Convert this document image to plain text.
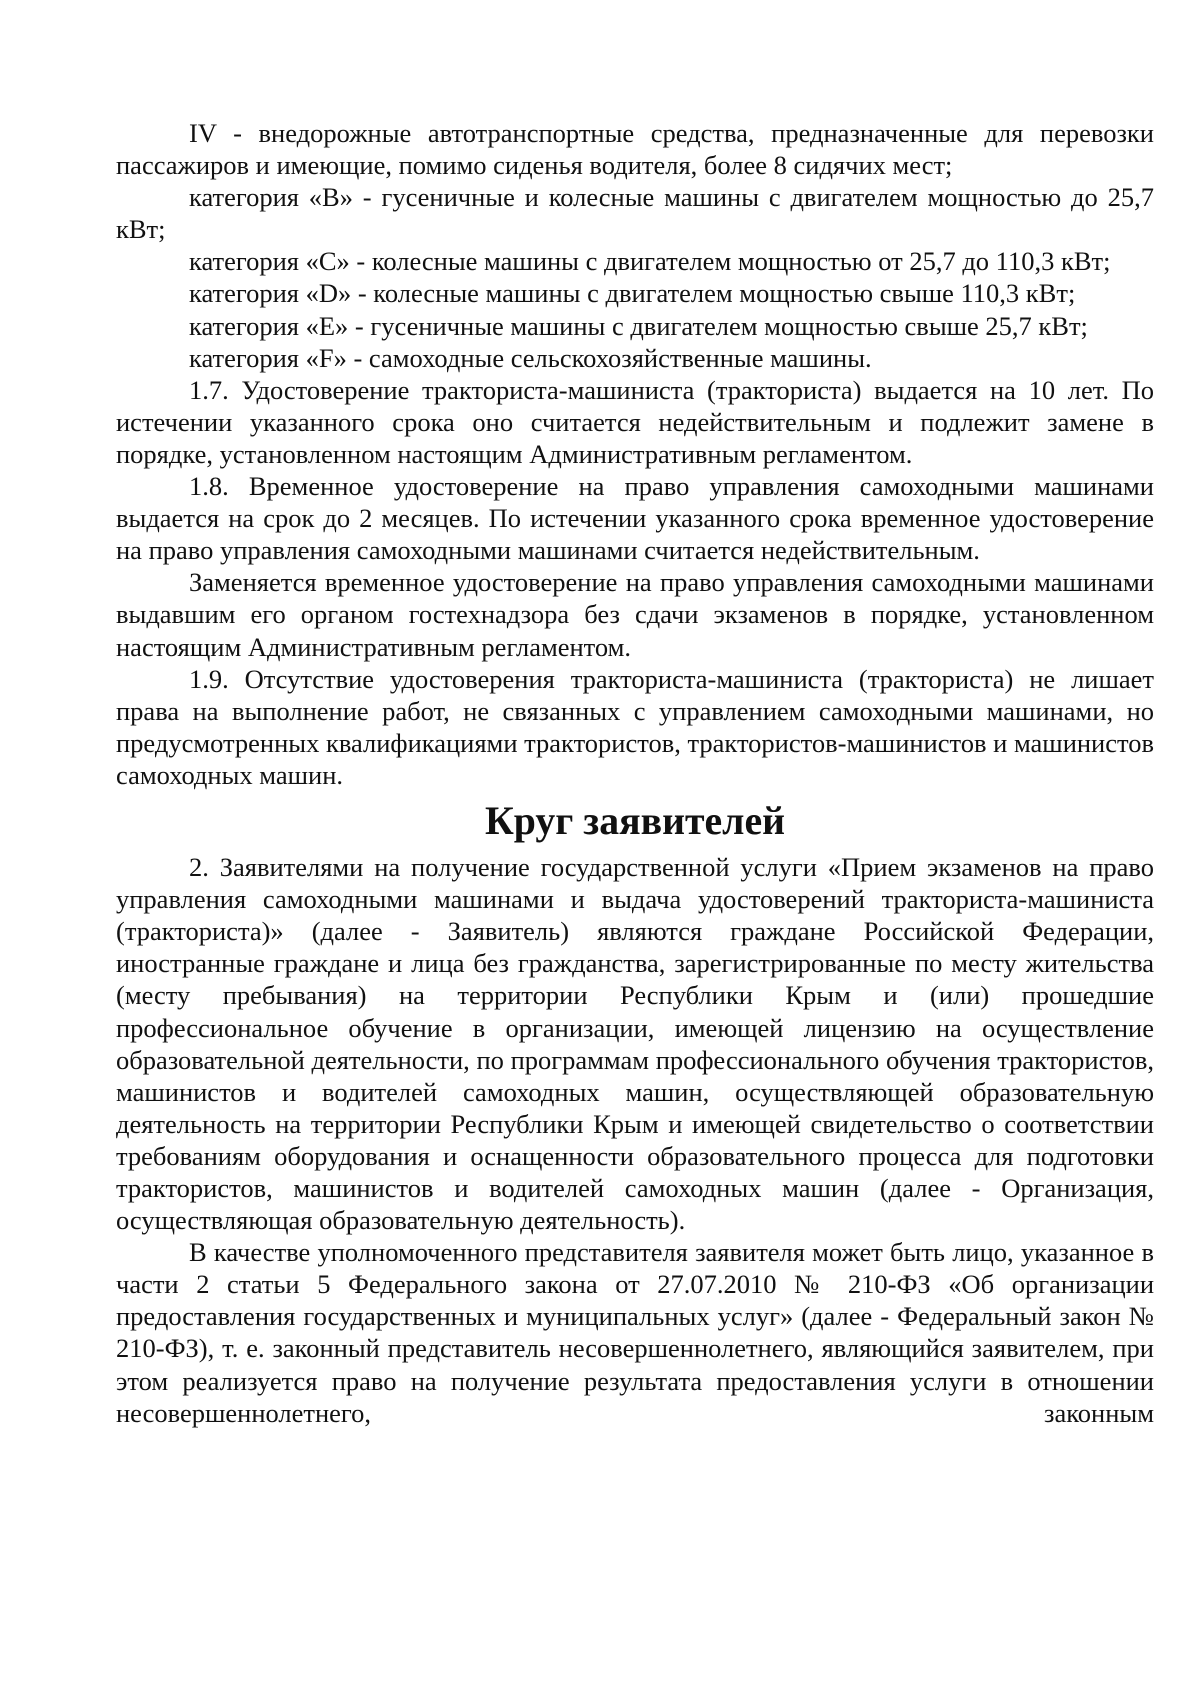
IV - внедорожные автотранспортные средства, предназначенные для перевозки пассажиров и имеющие, помимо сиденья водителя, более 8 сидячих мест;

категория «B» - гусеничные и колесные машины с двигателем мощностью до 25,7 кВт;

категория «C» - колесные машины с двигателем мощностью от 25,7 до 110,3 кВт;

категория «D» - колесные машины с двигателем мощностью свыше 110,3 кВт;

категория «E» - гусеничные машины с двигателем мощностью свыше 25,7 кВт;

категория «F» - самоходные сельскохозяйственные машины.

1.7. Удостоверение тракториста-машиниста (тракториста) выдается на 10 лет. По истечении указанного срока оно считается недействительным и подлежит замене в порядке, установленном настоящим Административным регламентом.

1.8. Временное удостоверение на право управления самоходными машинами выдается на срок до 2 месяцев. По истечении указанного срока временное удостоверение на право управления самоходными машинами считается недействительным.

Заменяется временное удостоверение на право управления самоходными машинами выдавшим его органом гостехнадзора без сдачи экзаменов в порядке, установленном настоящим Административным регламентом.

1.9. Отсутствие удостоверения тракториста-машиниста (тракториста) не лишает права на выполнение работ, не связанных с управлением самоходными машинами, но предусмотренных квалификациями трактористов, трактористов-машинистов и машинистов самоходных машин.

Круг заявителей

2. Заявителями на получение государственной услуги «Прием экзаменов на право управления самоходными машинами и выдача удостоверений тракториста-машиниста (тракториста)» (далее - Заявитель) являются граждане Российской Федерации, иностранные граждане и лица без гражданства, зарегистрированные по месту жительства (месту пребывания) на территории Республики Крым и (или) прошедшие профессиональное обучение в организации, имеющей лицензию на осуществление образовательной деятельности, по программам профессионального обучения трактористов, машинистов и водителей самоходных машин, осуществляющей образовательную деятельность на территории Республики Крым и имеющей свидетельство о соответствии требованиям оборудования и оснащенности образовательного процесса для подготовки трактористов, машинистов и водителей самоходных машин (далее - Организация, осуществляющая образовательную деятельность).

В качестве уполномоченного представителя заявителя может быть лицо, указанное в части 2 статьи 5 Федерального закона от 27.07.2010 № 210-ФЗ «Об организации предоставления государственных и муниципальных услуг» (далее - Федеральный закон № 210-ФЗ), т. е. законный представитель несовершеннолетнего, являющийся заявителем, при этом реализуется право на получение результата предоставления услуги в отношении несовершеннолетнего, законным
